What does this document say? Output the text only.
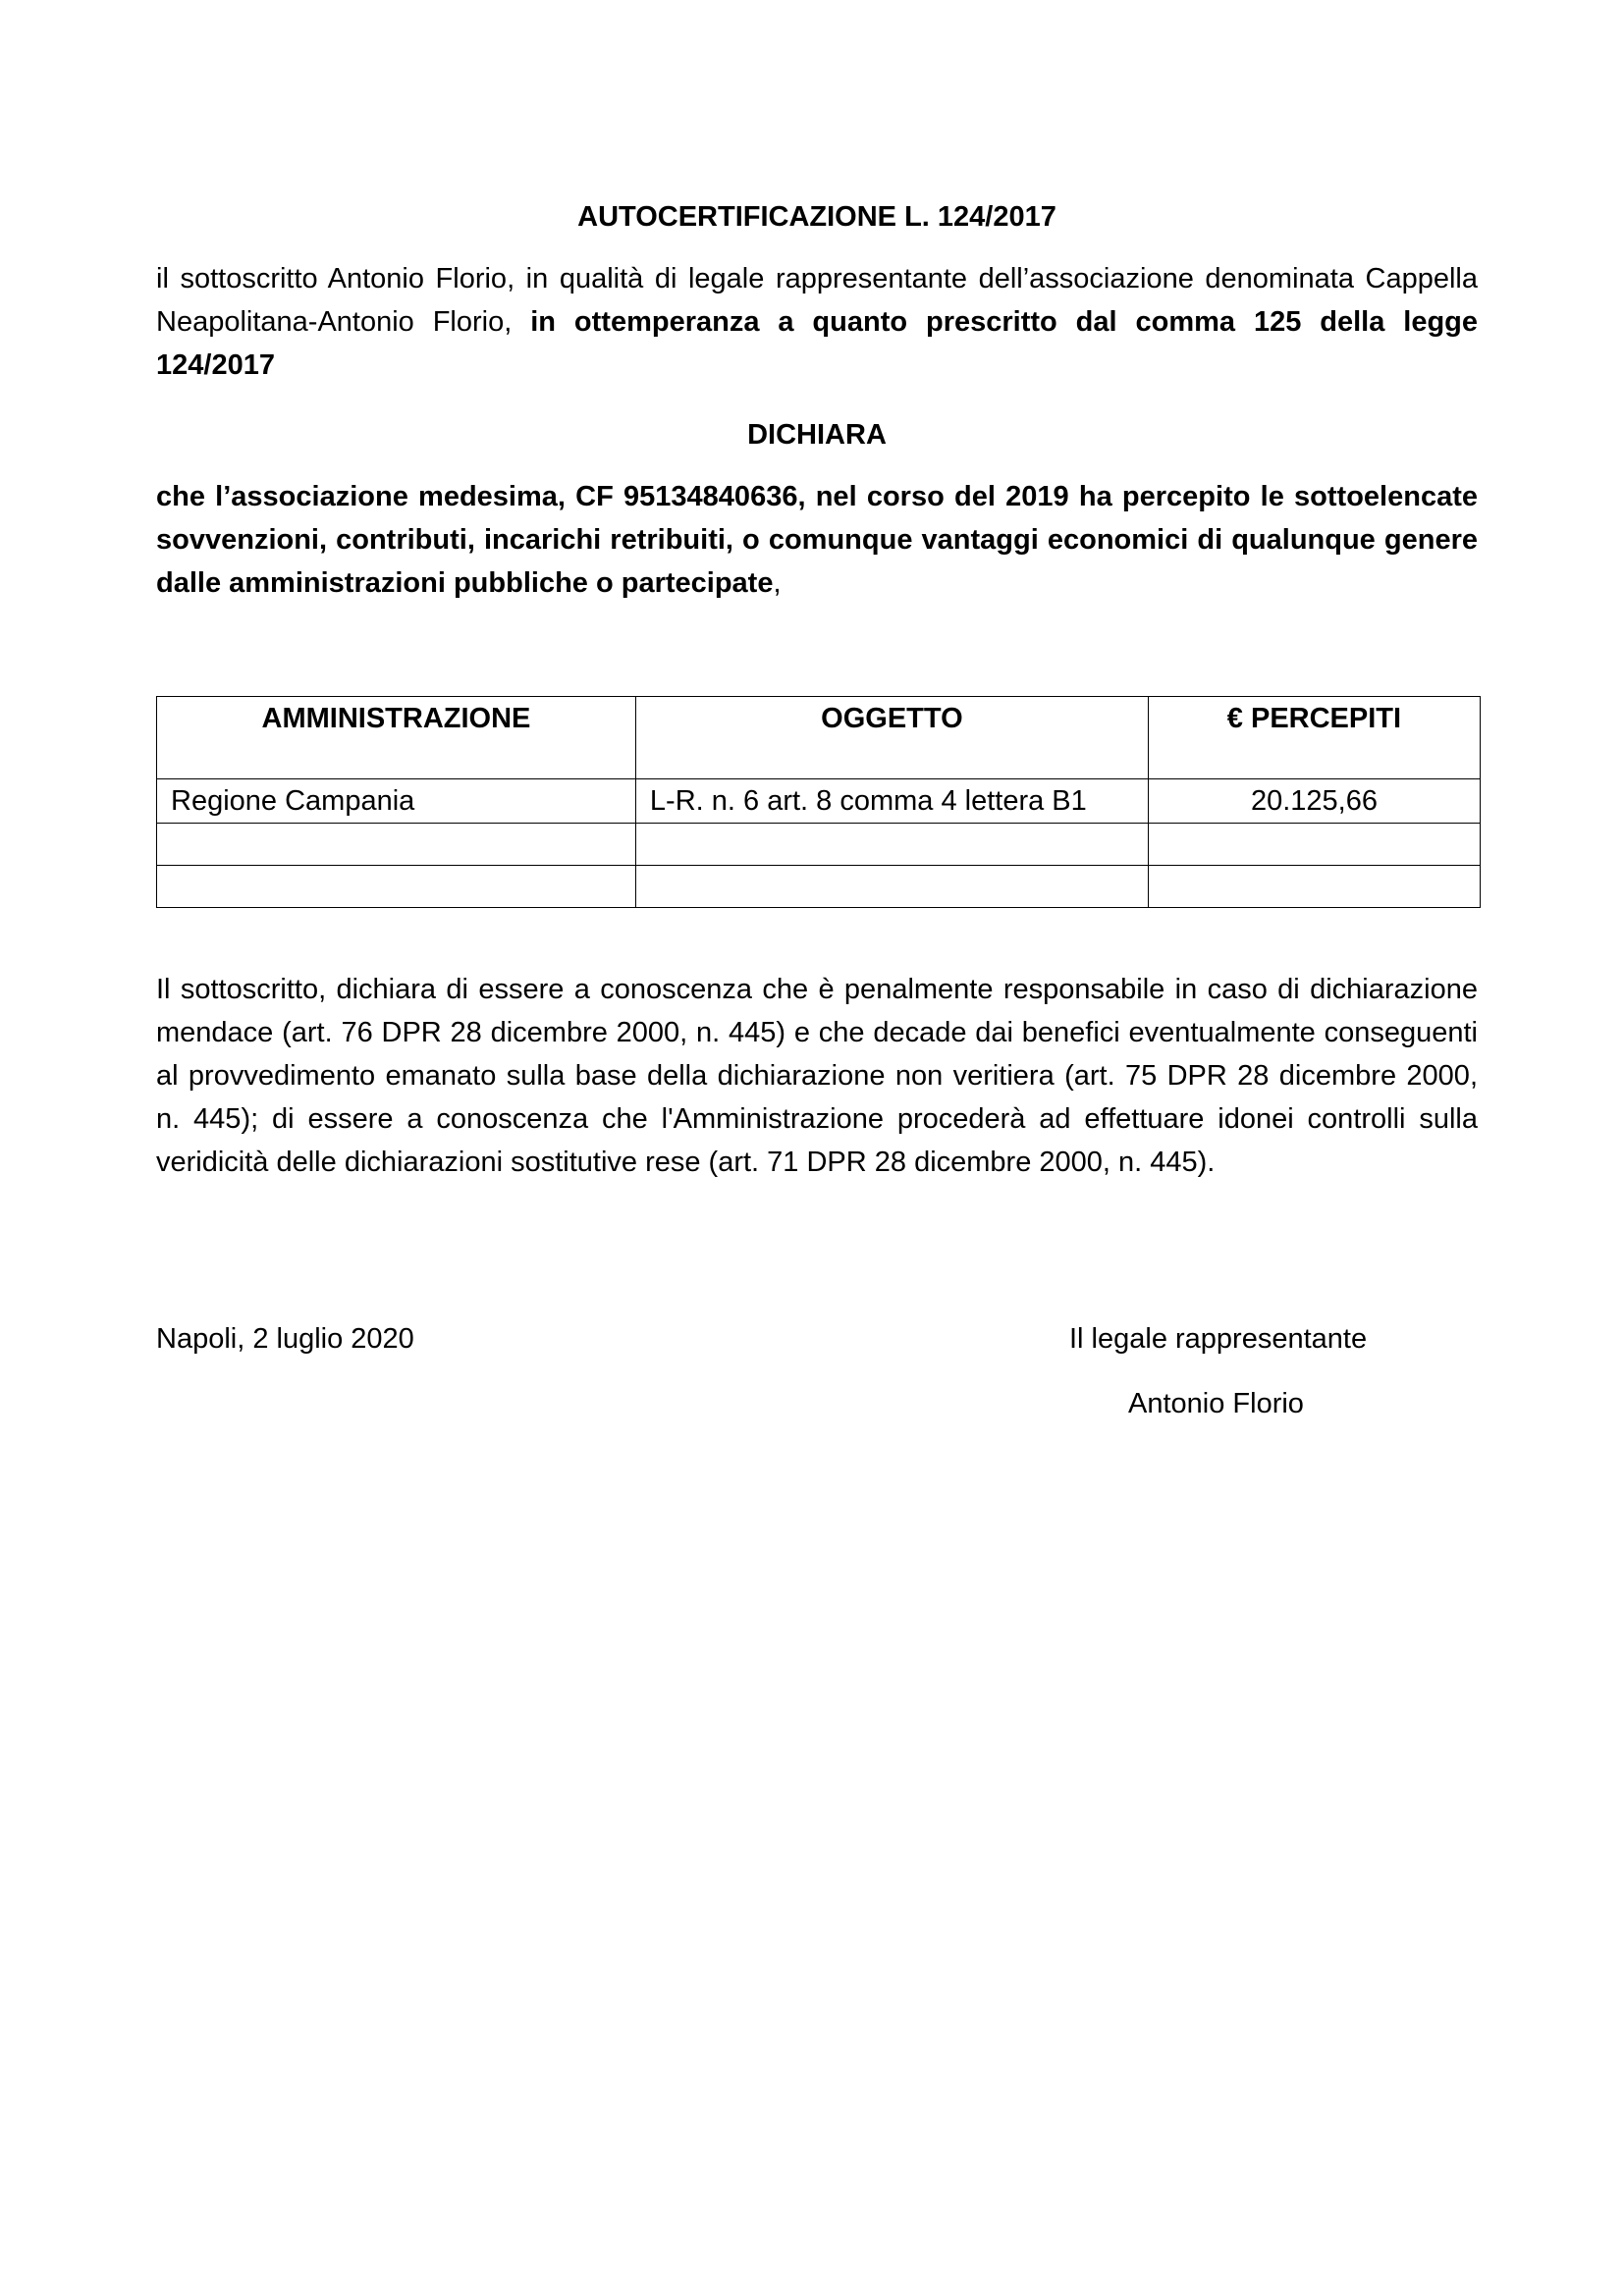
AUTOCERTIFICAZIONE L. 124/2017

il sottoscritto Antonio Florio, in qualità di legale rappresentante dell’associazione denominata Cappella Neapolitana-Antonio Florio, in ottemperanza a quanto prescritto dal comma 125 della legge 124/2017

DICHIARA

che l’associazione medesima, CF 95134840636, nel corso del 2019 ha percepito le sottoelencate sovvenzioni, contributi, incarichi retribuiti, o comunque vantaggi economici di qualunque genere dalle amministrazioni pubbliche o partecipate,

AMMINISTRAZIONE	OGGETTO	€ PERCEPITI
Regione Campania	L-R. n. 6 art. 8 comma 4 lettera B1	20.125,66

Il sottoscritto, dichiara di essere a conoscenza che è penalmente responsabile in caso di dichiarazione mendace (art. 76 DPR 28 dicembre 2000, n. 445) e che decade dai benefici eventualmente conseguenti al provvedimento emanato sulla base della dichiarazione non veritiera (art. 75 DPR 28 dicembre 2000, n. 445); di essere a conoscenza che l'Amministrazione procederà ad effettuare idonei controlli sulla veridicità delle dichiarazioni sostitutive rese (art. 71 DPR 28 dicembre 2000, n. 445).

Napoli, 2 luglio 2020	Il legale rappresentante

Antonio Florio
